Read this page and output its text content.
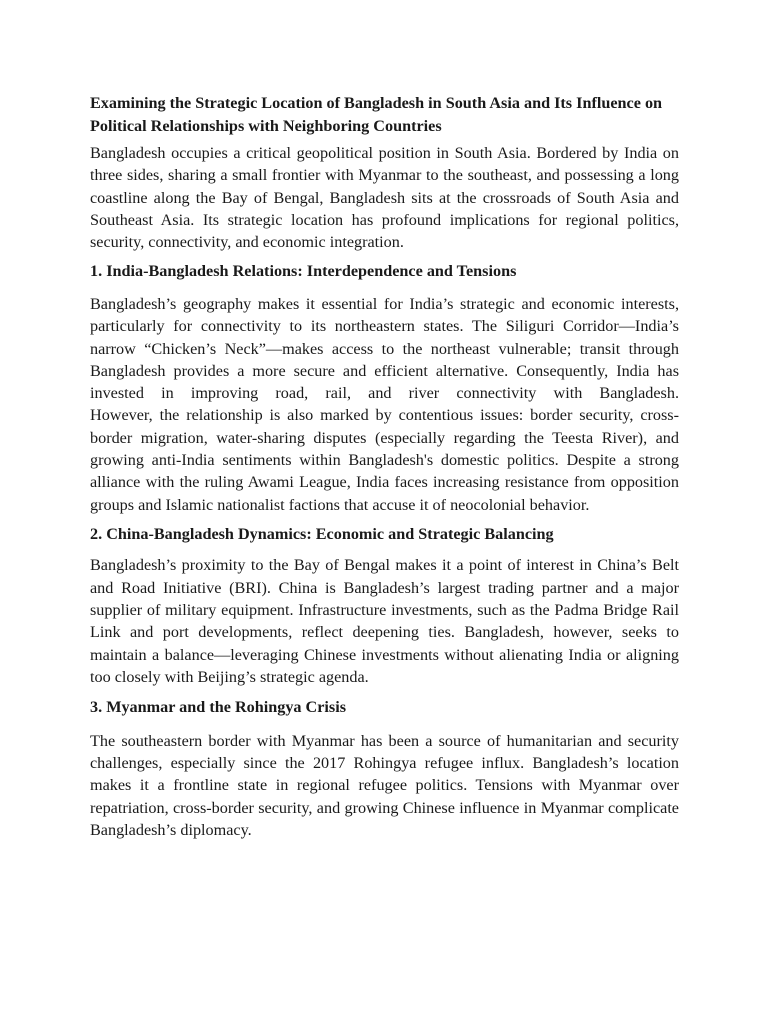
Examining the Strategic Location of Bangladesh in South Asia and Its Influence on Political Relationships with Neighboring Countries

Bangladesh occupies a critical geopolitical position in South Asia. Bordered by India on three sides, sharing a small frontier with Myanmar to the southeast, and possessing a long coastline along the Bay of Bengal, Bangladesh sits at the crossroads of South Asia and Southeast Asia. Its strategic location has profound implications for regional politics, security, connectivity, and economic integration.

1. India-Bangladesh Relations: Interdependence and Tensions

Bangladesh’s geography makes it essential for India’s strategic and economic interests, particularly for connectivity to its northeastern states. The Siliguri Corridor—India’s narrow “Chicken’s Neck”—makes access to the northeast vulnerable; transit through Bangladesh provides a more secure and efficient alternative. Consequently, India has invested in improving road, rail, and river connectivity with Bangladesh.

However, the relationship is also marked by contentious issues: border security, cross-border migration, water-sharing disputes (especially regarding the Teesta River), and growing anti-India sentiments within Bangladesh's domestic politics. Despite a strong alliance with the ruling Awami League, India faces increasing resistance from opposition groups and Islamic nationalist factions that accuse it of neocolonial behavior.

2. China-Bangladesh Dynamics: Economic and Strategic Balancing

Bangladesh’s proximity to the Bay of Bengal makes it a point of interest in China’s Belt and Road Initiative (BRI). China is Bangladesh’s largest trading partner and a major supplier of military equipment. Infrastructure investments, such as the Padma Bridge Rail Link and port developments, reflect deepening ties. Bangladesh, however, seeks to maintain a balance—leveraging Chinese investments without alienating India or aligning too closely with Beijing’s strategic agenda.

3. Myanmar and the Rohingya Crisis

The southeastern border with Myanmar has been a source of humanitarian and security challenges, especially since the 2017 Rohingya refugee influx. Bangladesh’s location makes it a frontline state in regional refugee politics. Tensions with Myanmar over repatriation, cross-border security, and growing Chinese influence in Myanmar complicate Bangladesh’s diplomacy.
